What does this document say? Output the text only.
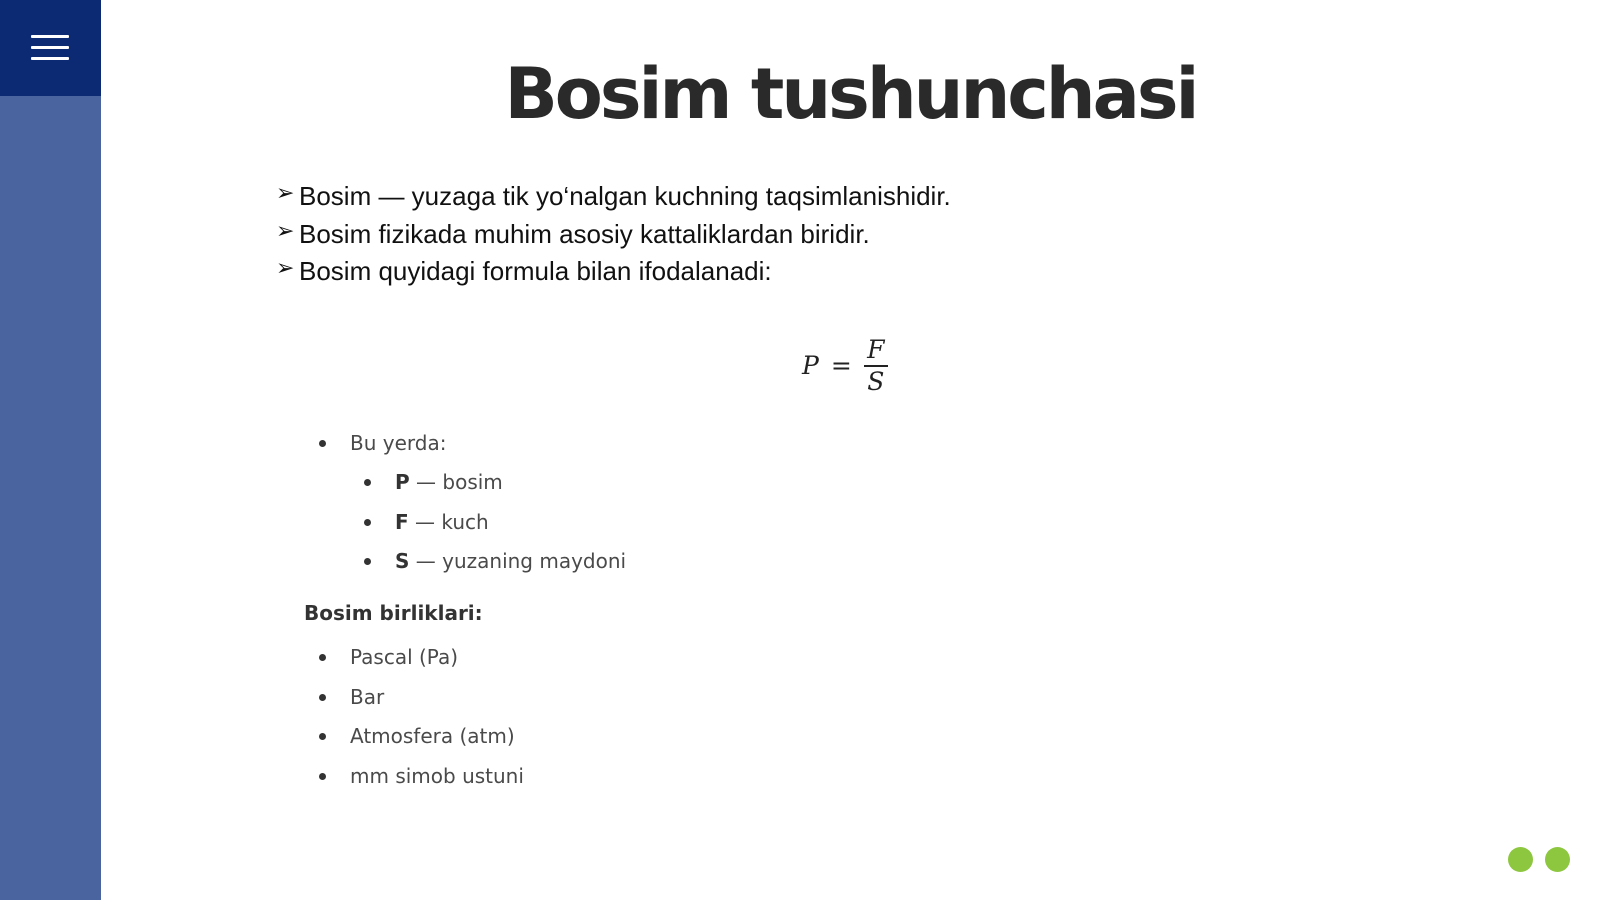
Bosim tushunchasi
➢ Bosim — yuzaga tik yo‘nalgan kuchning taqsimlanishidir.
➢ Bosim fizikada muhim asosiy kattaliklardan biridir.
➢ Bosim quyidagi formula bilan ifodalanadi:
$P = \frac{F}{S}$
Bu yerda:
P — bosim
F — kuch
S — yuzaning maydoni
Bosim birliklari:
Pascal (Pa)
Bar
Atmosfera (atm)
mm simob ustuni
